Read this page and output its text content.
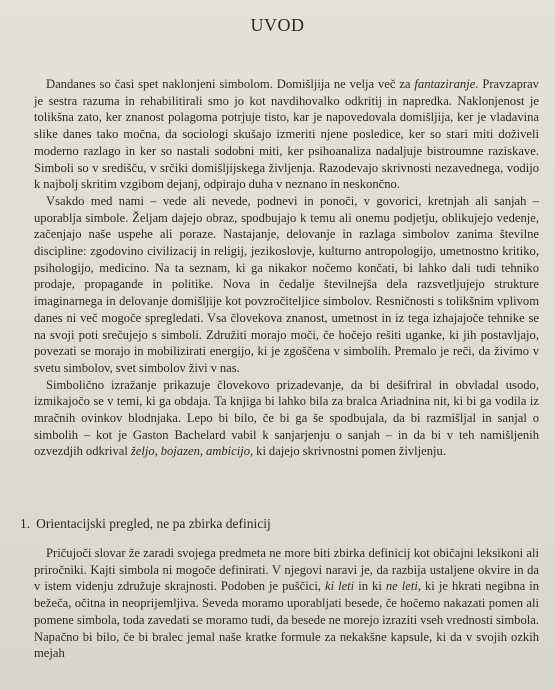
UVOD

Dandanes so časi spet naklonjeni simbolom. Domišljija ne velja več za fantaziranje. Pravzaprav je sestra razuma in rehabilitirali smo jo kot navdihovalko odkritij in napredka. Naklonjenost je tolikšna zato, ker znanost polagoma potrjuje tisto, kar je napovedovala domišljija, ker je vladavina slike danes tako močna, da sociologi skušajo izmeriti njene posledice, ker so stari miti doživeli moderno razlago in ker so nastali sodobni miti, ker psihoanaliza nadaljuje bistroumne raziskave. Simboli so v središču, v srčiki domišljijskega življenja. Razodevajo skrivnosti nezavednega, vodijo k najbolj skritim vzgibom dejanj, odpirajo duha v neznano in neskončno.

Vsakdo med nami – vede ali nevede, podnevi in ponoči, v govorici, kretnjah ali sanjah – uporablja simbole. Željam dajejo obraz, spodbujajo k temu ali onemu podjetju, oblikujejo vedenje, začenjajo naše uspehe ali poraze. Nastajanje, delovanje in razlaga simbolov zanima številne discipline: zgodovino civilizacij in religij, jezikoslovje, kulturno antropologijo, umetnostno kritiko, psihologijo, medicino. Na ta seznam, ki ga nikakor nočemo končati, bi lahko dali tudi tehniko prodaje, propagande in politike. Nova in čedalje številnejša dela razsvetljujejo strukture imaginarnega in delovanje domišljije kot povzročiteljice simbolov. Resničnosti s tolikšnim vplivom danes ni več mogoče spregledati. Vsa človekova znanost, umetnost in iz tega izhajajoče tehnike se na svoji poti srečujejo s simboli. Združiti morajo moči, če hočejo rešiti uganke, ki jih postavljajo, povezati se morajo in mobilizirati energijo, ki je zgoščena v simbolih. Premalo je reči, da živimo v svetu simbolov, svet simbolov živi v nas.

Simbolično izražanje prikazuje človekovo prizadevanje, da bi dešifriral in obvladal usodo, izmikajočo se v temi, ki ga obdaja. Ta knjiga bi lahko bila za bralca Ariadnina nit, ki bi ga vodila iz mračnih ovinkov blodnjaka. Lepo bi bilo, če bi ga še spodbujala, da bi razmišljal in sanjal o simbolih – kot je Gaston Bachelard vabil k sanjarjenju o sanjah – in da bi v teh namišljenih ozvezdjih odkrival željo, bojazen, ambicijo, ki dajejo skrivnostni pomen življenju.

1. Orientacijski pregled, ne pa zbirka definicij

Pričujoči slovar že zaradi svojega predmeta ne more biti zbirka definicij kot običajni leksikoni ali priročniki. Kajti simbola ni mogoče definirati. V njegovi naravi je, da razbija ustaljene okvire in da v istem videnju združuje skrajnosti. Podoben je puščici, ki leti in ki ne leti, ki je hkrati negibna in bežeča, očitna in neoprijemljiva. Seveda moramo uporabljati besede, če hočemo nakazati pomen ali pomene simbola, toda zavedati se moramo tudi, da besede ne morejo izraziti vseh vrednosti simbola. Napačno bi bilo, če bi bralec jemal naše kratke formule za nekakšne kapsule, ki da v svojih ozkih mejah
